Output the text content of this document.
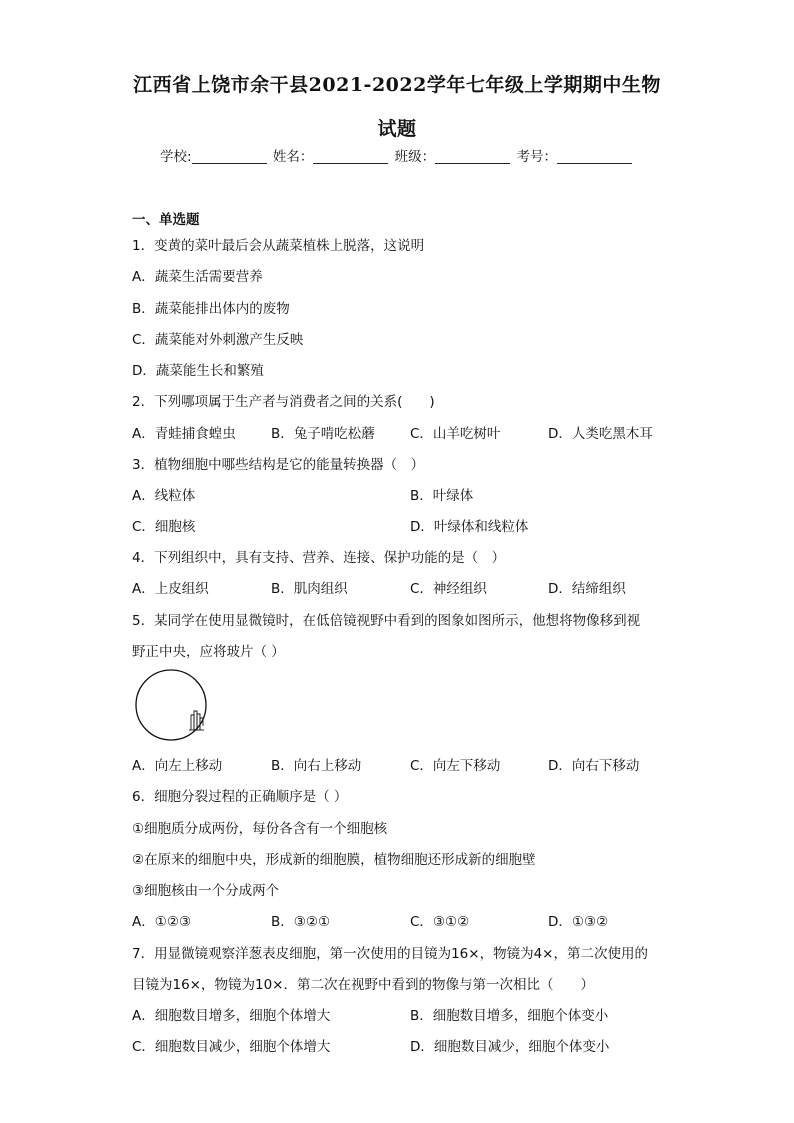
江西省上饶市余干县2021-2022学年七年级上学期期中生物
试题
学校:	姓名：	班级：	考号：
一、单选题
1．变黄的菜叶最后会从蔬菜植株上脱落，这说明
A．蔬菜生活需要营养
B．蔬菜能排出体内的废物
C．蔬菜能对外刺激产生反映
D．蔬菜能生长和繁殖
2．下列哪项属于生产者与消费者之间的关系(　　)
A．青蛙捕食蝗虫	B．兔子啃吃松蘑	C．山羊吃树叶	D．人类吃黑木耳
3．植物细胞中哪些结构是它的能量转换器（　）
A．线粒体	B．叶绿体
C．细胞核	D．叶绿体和线粒体
4．下列组织中，具有支持、营养、连接、保护功能的是（　）
A．上皮组织	B．肌肉组织	C．神经组织	D．结缔组织
5．某同学在使用显微镜时，在低倍镜视野中看到的图象如图所示，他想将物像移到视
野正中央，应将玻片（ ）
A．向左上移动	B．向右上移动	C．向左下移动	D．向右下移动
6．细胞分裂过程的正确顺序是（ ）
①细胞质分成两份，每份各含有一个细胞核
②在原来的细胞中央，形成新的细胞膜，植物细胞还形成新的细胞壁
③细胞核由一个分成两个
A．①②③	B．③②①	C．③①②	D．①③②
7．用显微镜观察洋葱表皮细胞，第一次使用的目镜为16×，物镜为4×，第二次使用的
目镜为16×，物镜为10×．第二次在视野中看到的物像与第一次相比（　　）
A．细胞数目增多，细胞个体增大	B．细胞数目增多，细胞个体变小
C．细胞数目减少，细胞个体增大	D．细胞数目减少，细胞个体变小
